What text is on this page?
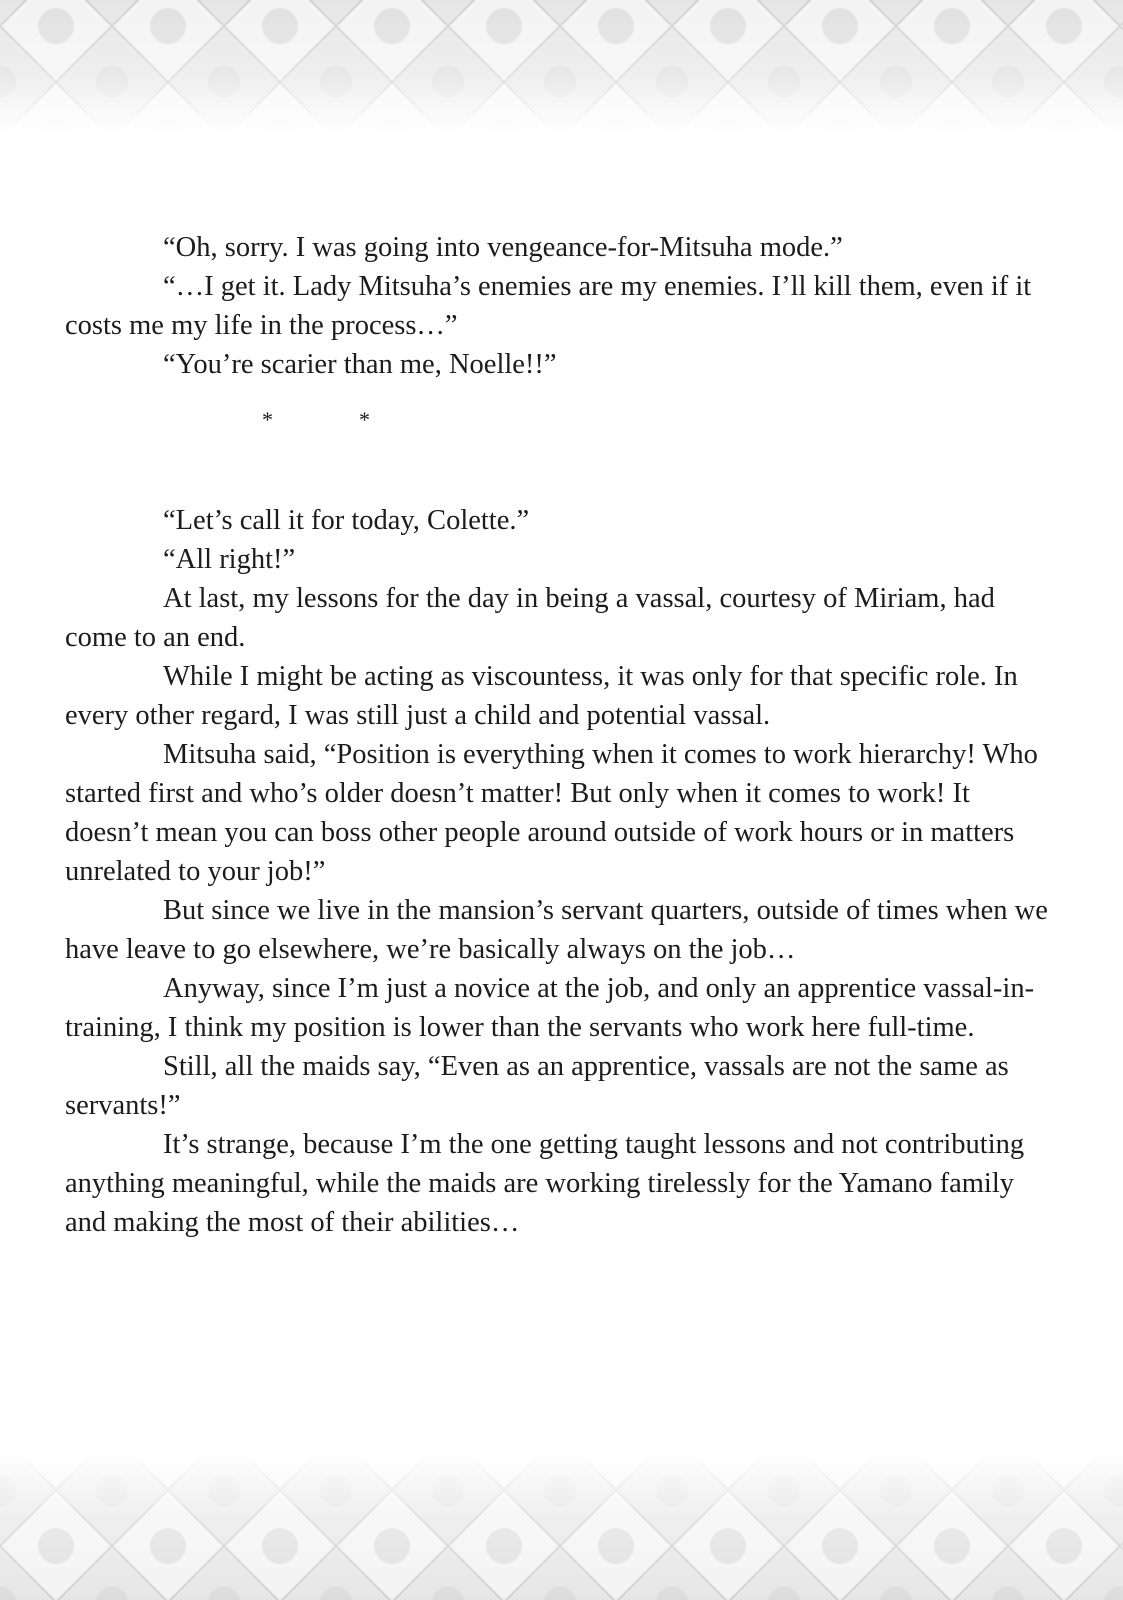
“Oh, sorry. I was going into vengeance-for-Mitsuha mode.”

“…I get it. Lady Mitsuha’s enemies are my enemies. I’ll kill them, even if it costs me my life in the process…”

“You’re scarier than me, Noelle!!”

*	*

“Let’s call it for today, Colette.”

“All right!”

At last, my lessons for the day in being a vassal, courtesy of Miriam, had come to an end.

While I might be acting as viscountess, it was only for that specific role. In every other regard, I was still just a child and potential vassal.

Mitsuha said, “Position is everything when it comes to work hierarchy! Who started first and who’s older doesn’t matter! But only when it comes to work! It doesn’t mean you can boss other people around outside of work hours or in matters unrelated to your job!”

But since we live in the mansion’s servant quarters, outside of times when we have leave to go elsewhere, we’re basically always on the job…

Anyway, since I’m just a novice at the job, and only an apprentice vassal-in-training, I think my position is lower than the servants who work here full-time.

Still, all the maids say, “Even as an apprentice, vassals are not the same as servants!”

It’s strange, because I’m the one getting taught lessons and not contributing anything meaningful, while the maids are working tirelessly for the Yamano family and making the most of their abilities…
